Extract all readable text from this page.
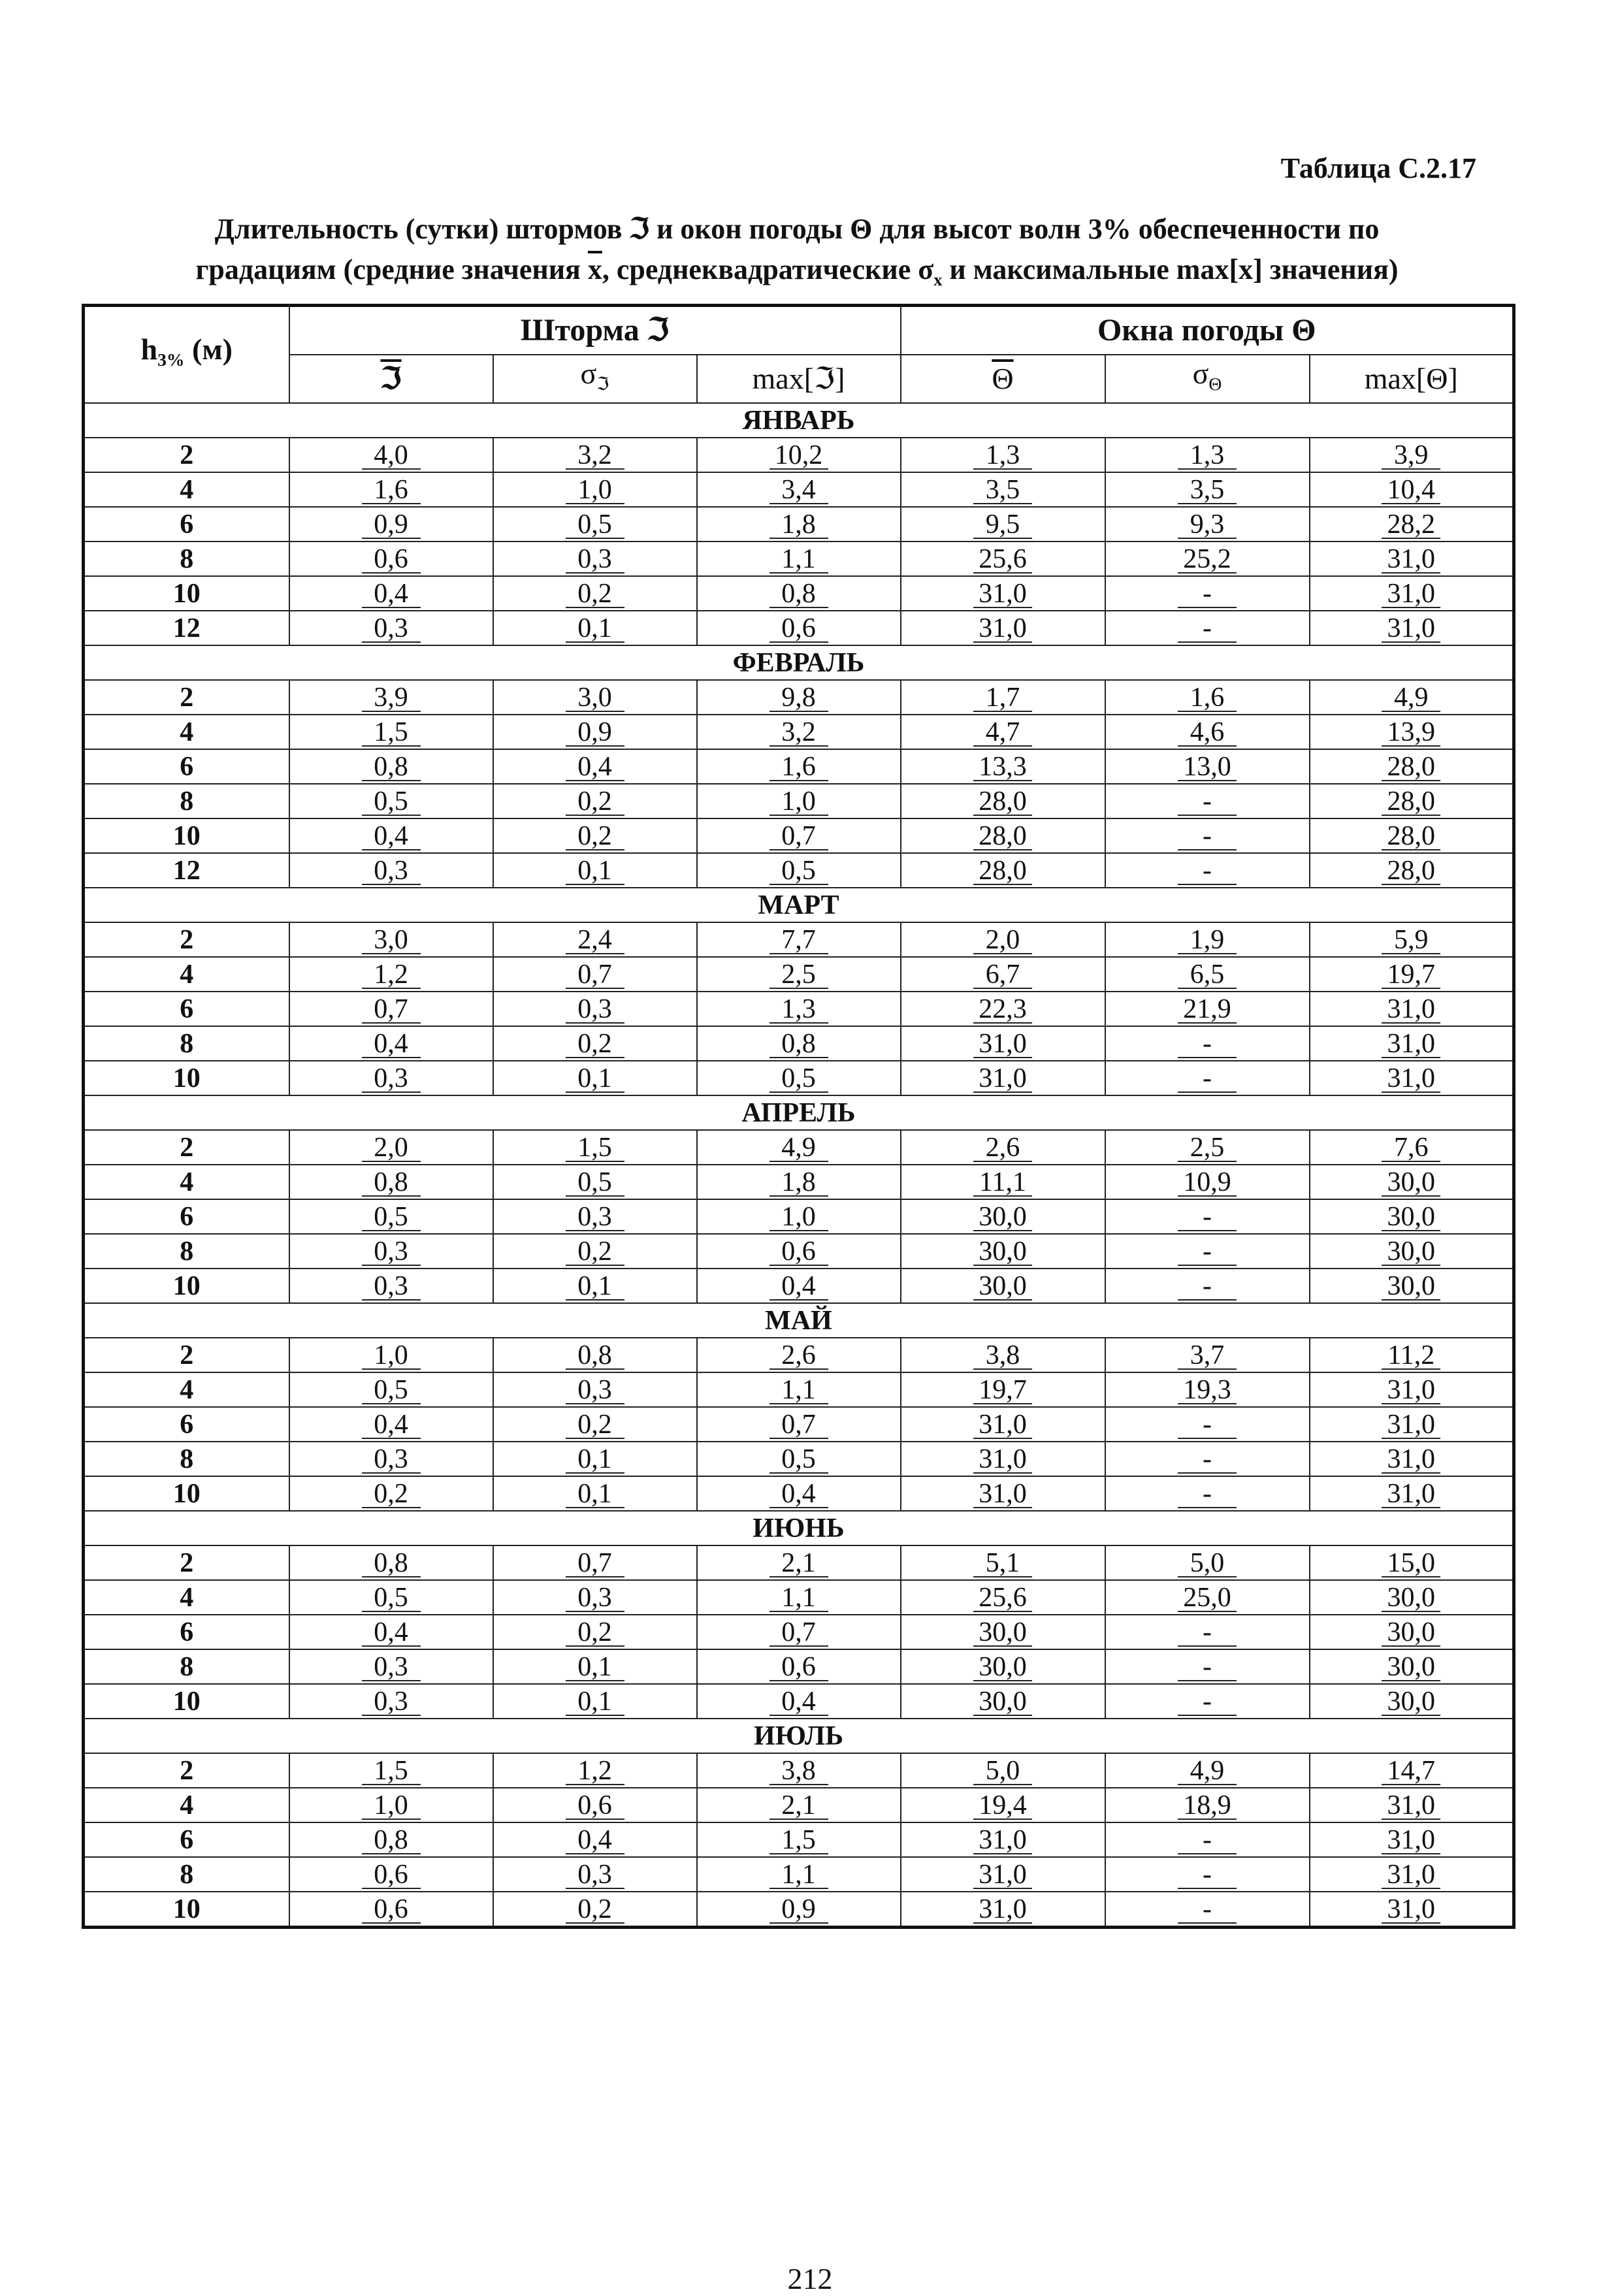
Таблица С.2.17
Длительность (сутки) штормов ℑ и окон погоды Θ для высот волн 3% обеспеченности по
градациям (средние значения $\overline{x}$, среднеквадратические $\sigma_x$ и максимальные max[x] значения)
$h_{3\%}$ (м)	Шторма ℑ			Окна погоды Θ		
	ℑ	$\sigma_ℑ$	max[ℑ]	$\overline{\Theta}$	$\sigma_\Theta$	max[Θ]
ЯНВАРЬ						
2	4,0	3,2	10,2	1,3	1,3	3,9
4	1,6	1,0	3,4	3,5	3,5	10,4
6	0,9	0,5	1,8	9,5	9,3	28,2
8	0,6	0,3	1,1	25,6	25,2	31,0
10	0,4	0,2	0,8	31,0	-	31,0
12	0,3	0,1	0,6	31,0	-	31,0
ФЕВРАЛЬ						
2	3,9	3,0	9,8	1,7	1,6	4,9
4	1,5	0,9	3,2	4,7	4,6	13,9
6	0,8	0,4	1,6	13,3	13,0	28,0
8	0,5	0,2	1,0	28,0	-	28,0
10	0,4	0,2	0,7	28,0	-	28,0
12	0,3	0,1	0,5	28,0	-	28,0
МАРТ						
2	3,0	2,4	7,7	2,0	1,9	5,9
4	1,2	0,7	2,5	6,7	6,5	19,7
6	0,7	0,3	1,3	22,3	21,9	31,0
8	0,4	0,2	0,8	31,0	-	31,0
10	0,3	0,1	0,5	31,0	-	31,0
АПРЕЛЬ						
2	2,0	1,5	4,9	2,6	2,5	7,6
4	0,8	0,5	1,8	11,1	10,9	30,0
6	0,5	0,3	1,0	30,0	-	30,0
8	0,3	0,2	0,6	30,0	-	30,0
10	0,3	0,1	0,4	30,0	-	30,0
МАЙ						
2	1,0	0,8	2,6	3,8	3,7	11,2
4	0,5	0,3	1,1	19,7	19,3	31,0
6	0,4	0,2	0,7	31,0	-	31,0
8	0,3	0,1	0,5	31,0	-	31,0
10	0,2	0,1	0,4	31,0	-	31,0
ИЮНЬ						
2	0,8	0,7	2,1	5,1	5,0	15,0
4	0,5	0,3	1,1	25,6	25,0	30,0
6	0,4	0,2	0,7	30,0	-	30,0
8	0,3	0,1	0,6	30,0	-	30,0
10	0,3	0,1	0,4	30,0	-	30,0
ИЮЛЬ						
2	1,5	1,2	3,8	5,0	4,9	14,7
4	1,0	0,6	2,1	19,4	18,9	31,0
6	0,8	0,4	1,5	31,0	-	31,0
8	0,6	0,3	1,1	31,0	-	31,0
10	0,6	0,2	0,9	31,0	-	31,0
212
